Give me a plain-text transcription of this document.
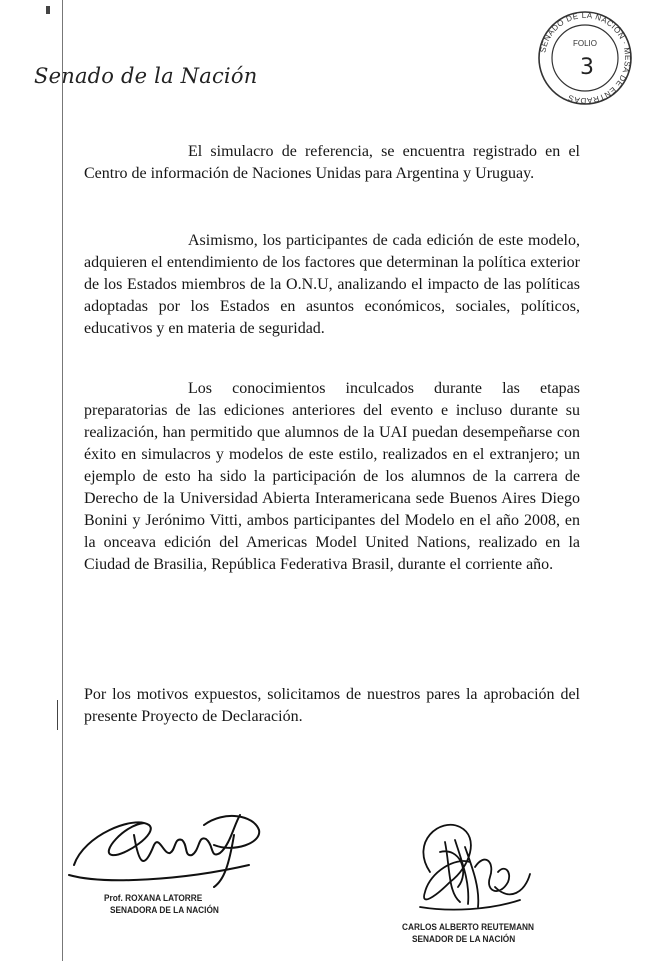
Senado de la Nación
SENADO DE LA NACIÓN · MESA DE ENTRADAS
FOLIO
3
El simulacro de referencia, se encuentra registrado en el Centro de información de Naciones Unidas para Argentina y Uruguay.
Asimismo, los participantes de cada edición de este modelo, adquieren el entendimiento de los factores que determinan la política exterior de los Estados miembros de la O.N.U, analizando el impacto de las políticas adoptadas por los Estados en asuntos económicos, sociales, políticos, educativos y en materia de seguridad.
Los conocimientos inculcados durante las etapas preparatorias de las ediciones anteriores del evento e incluso durante su realización, han permitido que alumnos de la UAI puedan desempeñarse con éxito en simulacros y modelos de este estilo, realizados en el extranjero; un ejemplo de esto ha sido la participación de los alumnos de la carrera de Derecho de la Universidad Abierta Interamericana sede Buenos Aires Diego Bonini y Jerónimo Vitti, ambos participantes del Modelo en el año 2008, en la onceava edición del Americas Model United Nations, realizado en la Ciudad de Brasilia, República Federativa Brasil, durante el corriente año.
Por los motivos expuestos, solicitamos de nuestros pares la aprobación del presente Proyecto de Declaración.
Prof. ROXANA LATORRE
SENADORA DE LA NACIÓN
CARLOS ALBERTO REUTEMANN
SENADOR DE LA NACIÓN
